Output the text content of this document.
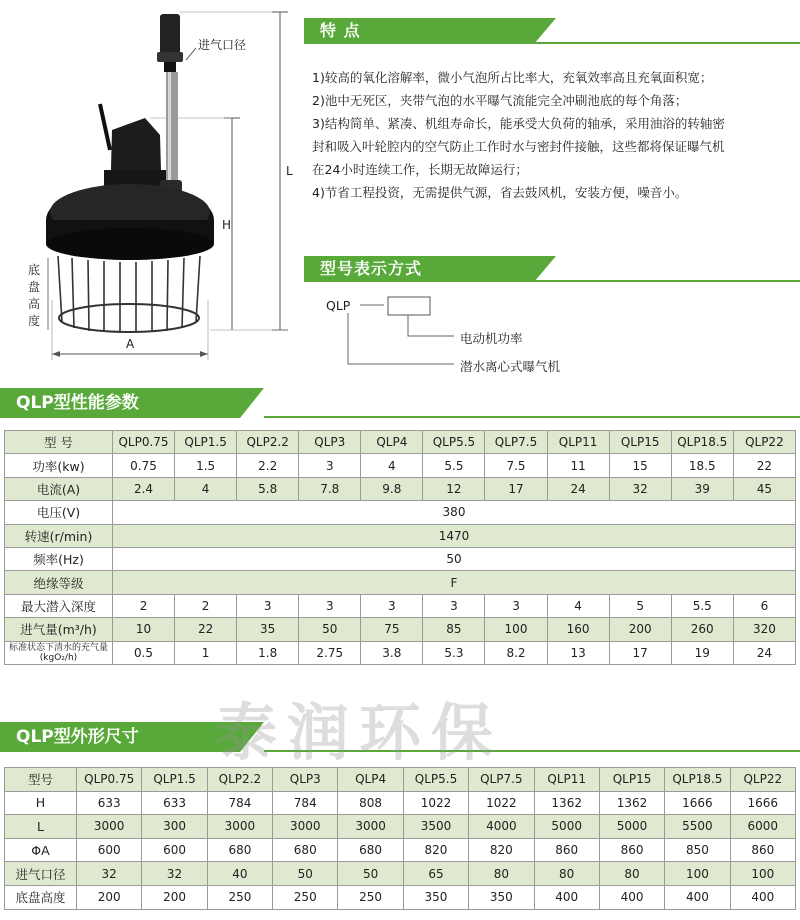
进气口径
L
H
A
底
盘
高
度
特 点
1)较高的氧化溶解率，微小气泡所占比率大，充氧效率高且充氧面积宽；
2)池中无死区，夹带气泡的水平曝气流能完全冲刷池底的每个角落；
3)结构简单、紧凑、机组寿命长，能承受大负荷的轴承，采用油浴的转轴密
封和吸入叶轮腔内的空气防止工作时水与密封件接触，这些都将保证曝气机
在24小时连续工作，长期无故障运行；
4)节省工程投资，无需提供气源，省去鼓风机，安装方便，噪音小。
型号表示方式
QLP
电动机功率
潜水离心式曝气机
QLP型性能参数
型 号	QLP0.75	QLP1.5	QLP2.2	QLP3	QLP4	QLP5.5	QLP7.5	QLP11	QLP15	QLP18.5	QLP22
功率(kw)	0.75	1.5	2.2	3	4	5.5	7.5	11	15	18.5	22
电流(A)	2.4	4	5.8	7.8	9.8	12	17	24	32	39	45
电压(V)	380										
转速(r/min)	1470										
频率(Hz)	50										
绝缘等级	F										
最大潜入深度	2	2	3	3	3	3	3	4	5	5.5	6
进气量(m³/h)	10	22	35	50	75	85	100	160	200	260	320
标准状态下清水的充气量(kgO₂/h)	0.5	1	1.8	2.75	3.8	5.3	8.2	13	17	19	24
QLP型外形尺寸
型号	QLP0.75	QLP1.5	QLP2.2	QLP3	QLP4	QLP5.5	QLP7.5	QLP11	QLP15	QLP18.5	QLP22
H	633	633	784	784	808	1022	1022	1362	1362	1666	1666
L	3000	300	3000	3000	3000	3500	4000	5000	5000	5500	6000
ΦA	600	600	680	680	680	820	820	860	860	850	860
进气口径	32	32	40	50	50	65	80	80	80	100	100
底盘高度	200	200	250	250	250	350	350	400	400	400	400
泰润环保
